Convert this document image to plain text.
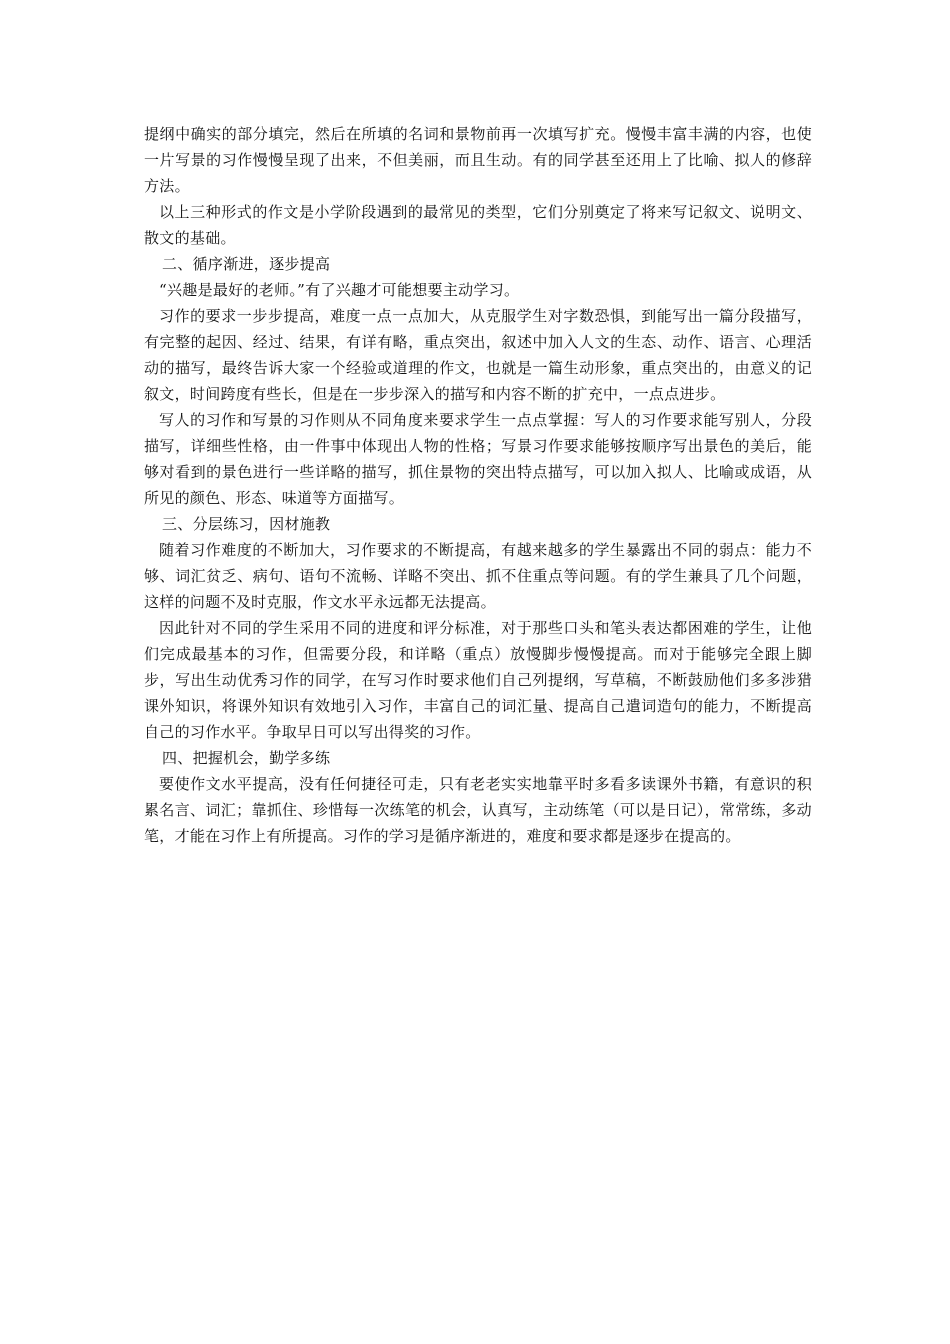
提纲中确实的部分填完，然后在所填的名词和景物前再一次填写扩充。慢慢丰富丰满的内容，也使一片写景的习作慢慢呈现了出来，不但美丽，而且生动。有的同学甚至还用上了比喻、拟人的修辞方法。

以上三种形式的作文是小学阶段遇到的最常见的类型，它们分别奠定了将来写记叙文、说明文、散文的基础。

二、循序渐进，逐步提高

“兴趣是最好的老师。”有了兴趣才可能想要主动学习。

习作的要求一步步提高，难度一点一点加大，从克服学生对字数恐惧，到能写出一篇分段描写，有完整的起因、经过、结果，有详有略，重点突出，叙述中加入人文的生态、动作、语言、心理活动的描写，最终告诉大家一个经验或道理的作文，也就是一篇生动形象，重点突出的，由意义的记叙文，时间跨度有些长，但是在一步步深入的描写和内容不断的扩充中，一点点进步。

写人的习作和写景的习作则从不同角度来要求学生一点点掌握：写人的习作要求能写别人，分段描写，详细些性格，由一件事中体现出人物的性格；写景习作要求能够按顺序写出景色的美后，能够对看到的景色进行一些详略的描写，抓住景物的突出特点描写，可以加入拟人、比喻或成语，从所见的颜色、形态、味道等方面描写。

三、分层练习，因材施教

随着习作难度的不断加大，习作要求的不断提高，有越来越多的学生暴露出不同的弱点：能力不够、词汇贫乏、病句、语句不流畅、详略不突出、抓不住重点等问题。有的学生兼具了几个问题，这样的问题不及时克服，作文水平永远都无法提高。

因此针对不同的学生采用不同的进度和评分标准，对于那些口头和笔头表达都困难的学生，让他们完成最基本的习作，但需要分段，和详略（重点）放慢脚步慢慢提高。而对于能够完全跟上脚步，写出生动优秀习作的同学，在写习作时要求他们自己列提纲，写草稿，不断鼓励他们多多涉猎课外知识，将课外知识有效地引入习作，丰富自己的词汇量、提高自己遣词造句的能力，不断提高自己的习作水平。争取早日可以写出得奖的习作。

四、把握机会，勤学多练

要使作文水平提高，没有任何捷径可走，只有老老实实地靠平时多看多读课外书籍，有意识的积累名言、词汇；靠抓住、珍惜每一次练笔的机会，认真写，主动练笔（可以是日记），常常练，多动笔，才能在习作上有所提高。习作的学习是循序渐进的，难度和要求都是逐步在提高的。
